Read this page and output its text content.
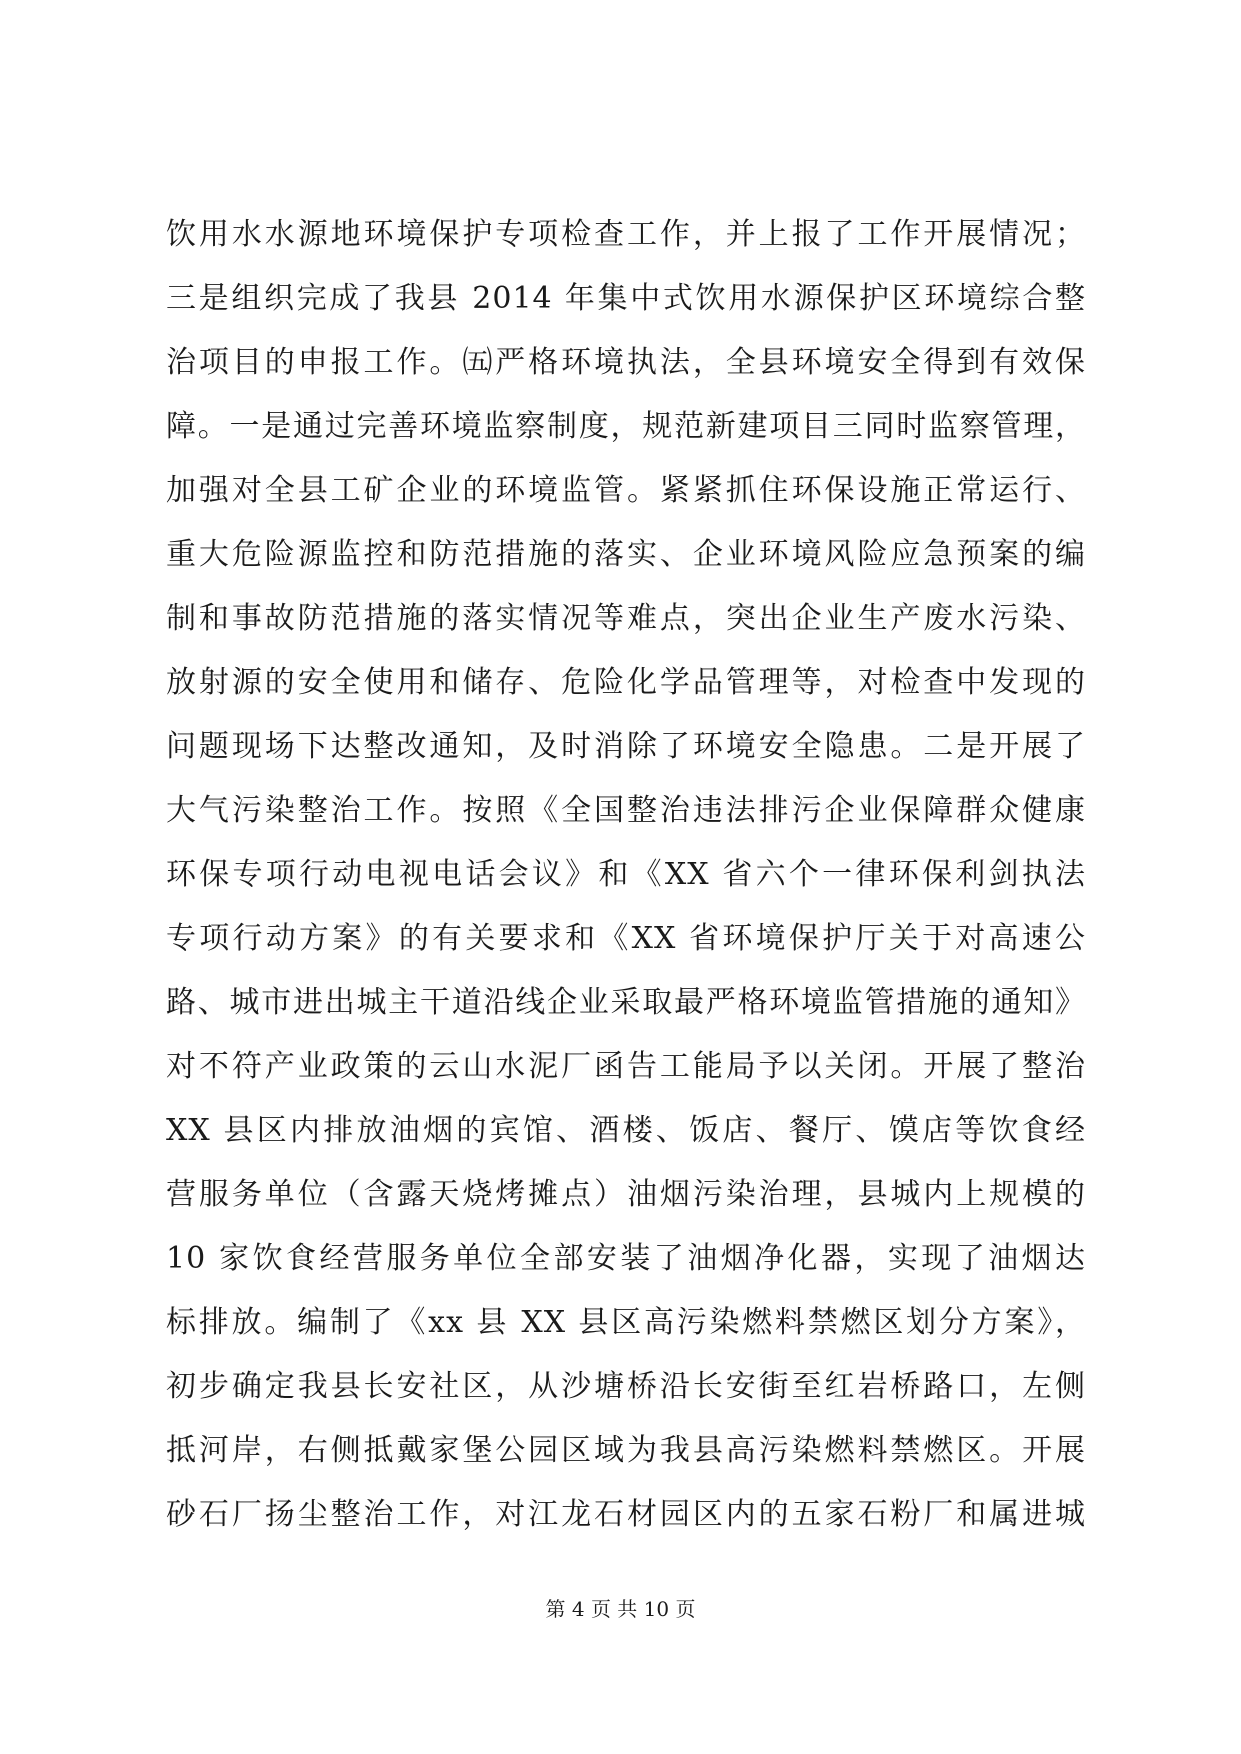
饮用水水源地环境保护专项检查工作，并上报了工作开展情况；
三是组织完成了我县 2014 年集中式饮用水源保护区环境综合整
治项目的申报工作。㈤严格环境执法，全县环境安全得到有效保
障。一是通过完善环境监察制度，规范新建项目三同时监察管理，
加强对全县工矿企业的环境监管。紧紧抓住环保设施正常运行、
重大危险源监控和防范措施的落实、企业环境风险应急预案的编
制和事故防范措施的落实情况等难点，突出企业生产废水污染、
放射源的安全使用和储存、危险化学品管理等，对检查中发现的
问题现场下达整改通知，及时消除了环境安全隐患。二是开展了
大气污染整治工作。按照《全国整治违法排污企业保障群众健康
环保专项行动电视电话会议》和《XX 省六个一律环保利剑执法
专项行动方案》的有关要求和《XX 省环境保护厅关于对高速公
路、城市进出城主干道沿线企业采取最严格环境监管措施的通知》
对不符产业政策的云山水泥厂函告工能局予以关闭。开展了整治
XX 县区内排放油烟的宾馆、酒楼、饭店、餐厅、馍店等饮食经
营服务单位（含露天烧烤摊点）油烟污染治理，县城内上规模的
10 家饮食经营服务单位全部安装了油烟净化器，实现了油烟达
标排放。编制了《xx 县 XX 县区高污染燃料禁燃区划分方案》，
初步确定我县长安社区，从沙塘桥沿长安街至红岩桥路口，左侧
抵河岸，右侧抵戴家堡公园区域为我县高污染燃料禁燃区。开展
砂石厂扬尘整治工作，对江龙石材园区内的五家石粉厂和属进城
第 4 页 共 10 页
